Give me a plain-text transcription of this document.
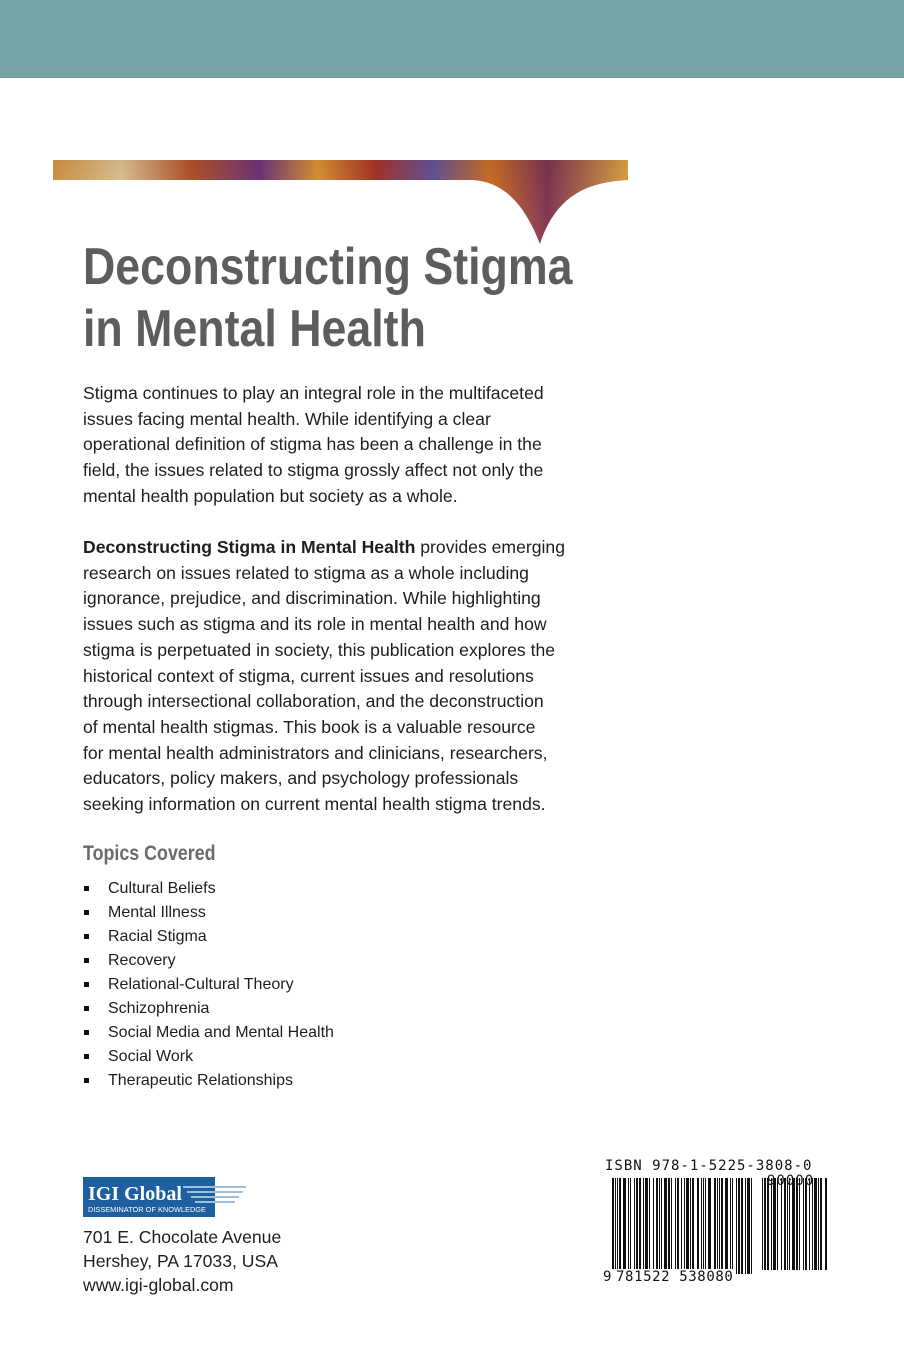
Deconstructing Stigma
in Mental Health
Stigma continues to play an integral role in the multifaceted
issues facing mental health. While identifying a clear
operational definition of stigma has been a challenge in the
field, the issues related to stigma grossly affect not only the
mental health population but society as a whole.
Deconstructing Stigma in Mental Health provides emerging
research on issues related to stigma as a whole including
ignorance, prejudice, and discrimination. While highlighting
issues such as stigma and its role in mental health and how
stigma is perpetuated in society, this publication explores the
historical context of stigma, current issues and resolutions
through intersectional collaboration, and the deconstruction
of mental health stigmas. This book is a valuable resource
for mental health administrators and clinicians, researchers,
educators, policy makers, and psychology professionals
seeking information on current mental health stigma trends.
Topics Covered
Cultural Beliefs
Mental Illness
Racial Stigma
Recovery
Relational-Cultural Theory
Schizophrenia
Social Media and Mental Health
Social Work
Therapeutic Relationships
IGI Global
DISSEMINATOR OF KNOWLEDGE
701 E. Chocolate Avenue
Hershey, PA 17033, USA
www.igi-global.com
ISBN 978-1-5225-3808-0
90000
9 781522 538080
